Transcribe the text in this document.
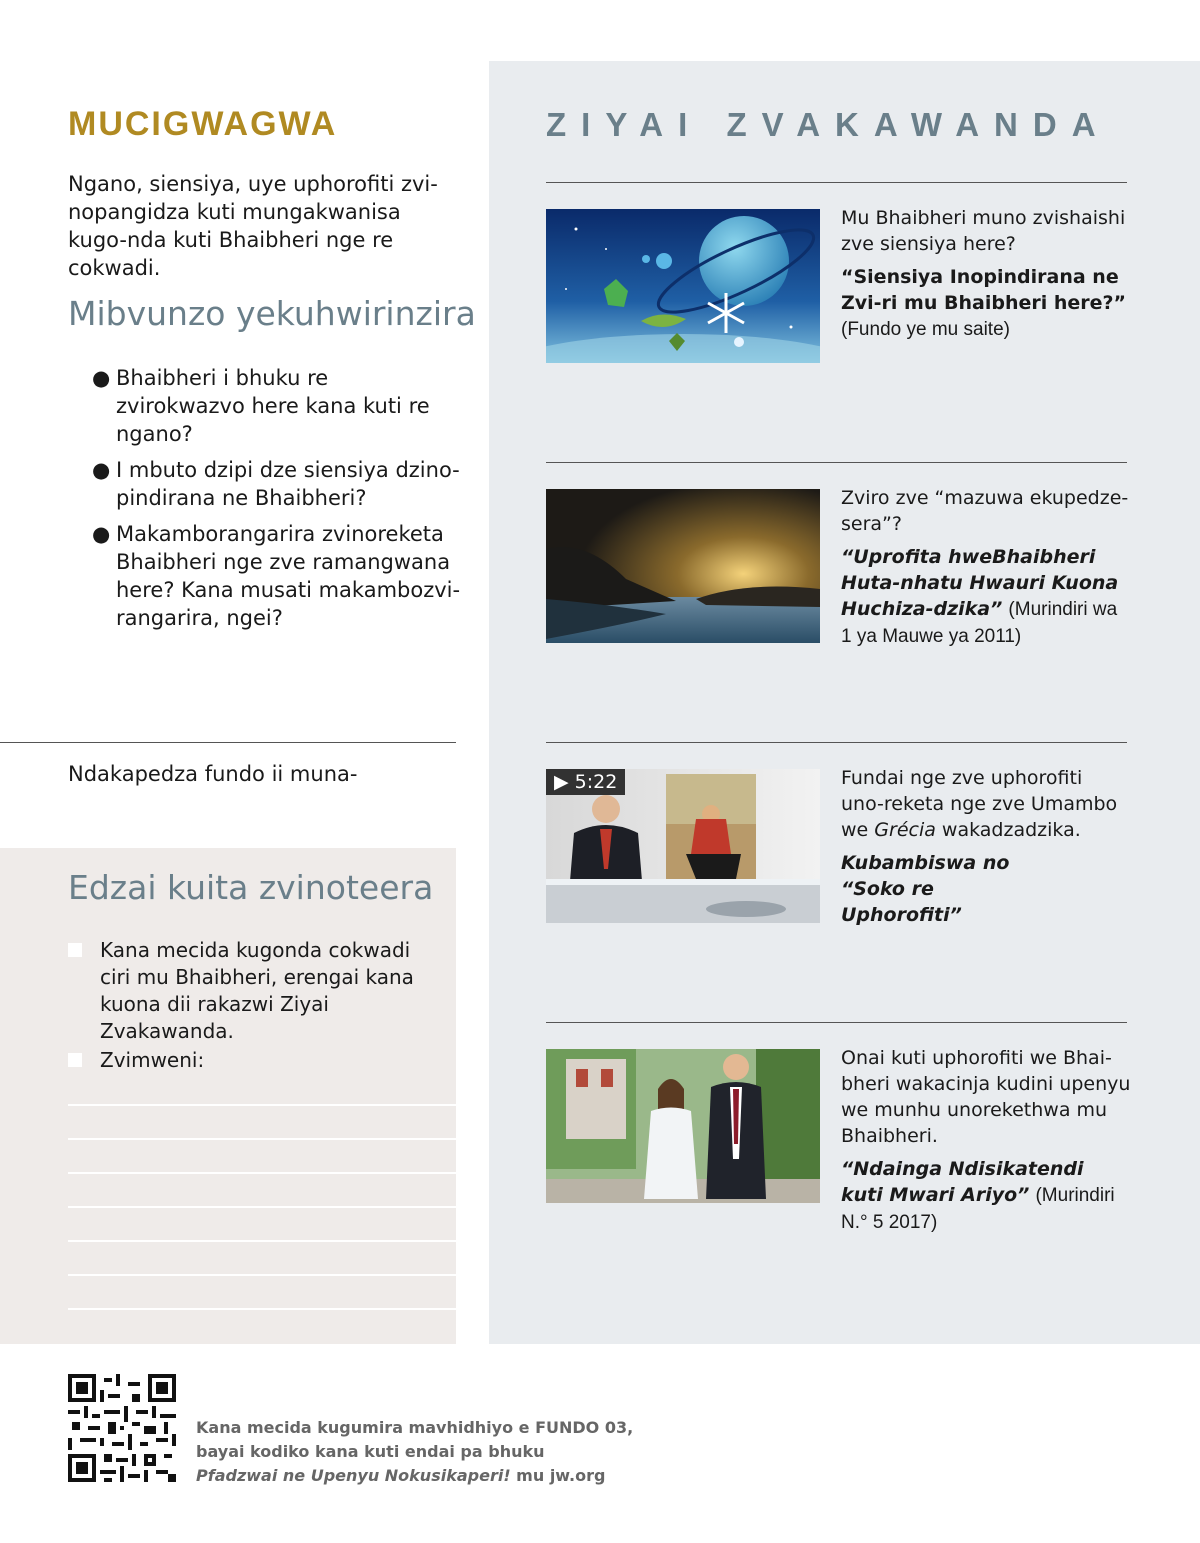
MUCIGWAGWA

Ngano, siensiya, uye uphorofiti zvi-nopangidza kuti mungakwanisa kugo-nda kuti Bhaibheri nge re cokwadi.

Mibvunzo yekuhwirinzira
● Bhaibheri i bhuku re zvirokwazvo here kana kuti re ngano?
● I mbuto dzipi dze siensiya dzino-pindirana ne Bhaibheri?
● Makamborangarira zvinoreketa Bhaibheri nge zve ramangwana here? Kana musati makambozvi-rangarira, ngei?

Ndakapedza fundo ii muna-

Edzai kuita zvinoteera
Kana mecida kugonda cokwadi ciri mu Bhaibheri, erengai kana kuona dii rakazwi Ziyai Zvakawanda.
Zvimweni:
ZIYAI ZVAKAWANDA

Mu Bhaibheri muno zvishaishi zve siensiya here?

“Siensiya Inopindirana ne Zvi-ri mu Bhaibheri here?” (Fundo ye mu saite)

Zviro zve “mazuwa ekupedze-sera”?

“Uprofita hweBhaibheri Huta-nhatu Hwauri Kuona Huchiza-dzika” (Murindiri wa 1 ya Mauwe ya 2011)

▶ 5:22	Fundai nge zve uphorofiti uno-reketa nge zve Umambo we Grécia wakadzadzika.

Kubambiswa no “Soko re Uphorofiti”

Onai kuti uphorofiti we Bhai-bheri wakacinja kudini upenyu we munhu unorekethwa mu Bhaibheri.

“Ndainga Ndisikatendi kuti Mwari Ariyo” (Murindiri N.° 5 2017)

Kana mecida kugumira mavhidhiyo e FUNDO 03,
bayai kodiko kana kuti endai pa bhuku
Pfadzwai ne Upenyu Nokusikaperi! mu jw.org
